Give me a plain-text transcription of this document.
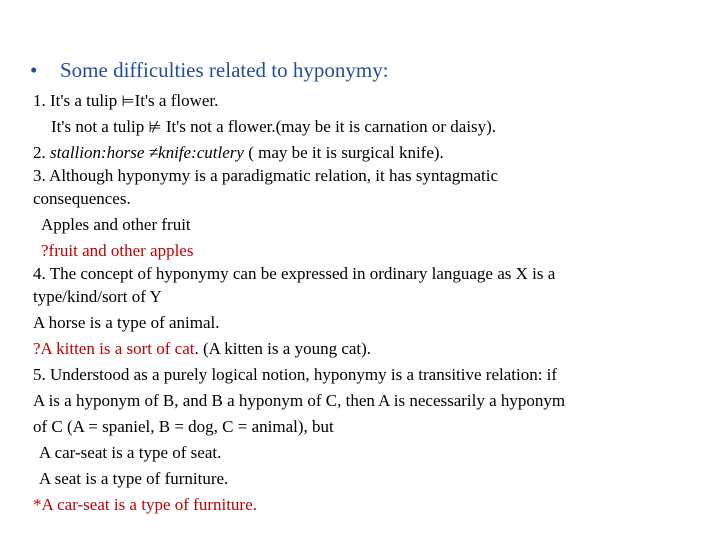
• Some difficulties related to hyponymy:
1. It's a tulip ⊨It's a flower.
It's not a tulip ⊭ It's not a flower.(may be it is carnation or daisy).
2. stallion:horse ≠knife:cutlery ( may be it is surgical knife).
3. Although hyponymy is a paradigmatic relation, it has syntagmatic
consequences.
Apples and other fruit
?fruit and other apples
4. The concept of hyponymy can be expressed in ordinary language as X is a
type/kind/sort of Y
A horse is a type of animal.
?A kitten is a sort of cat. (A kitten is a young cat).
5. Understood as a purely logical notion, hyponymy is a transitive relation: if
A is a hyponym of B, and B a hyponym of C, then A is necessarily a hyponym
of C (A = spaniel, B = dog, C = animal), but
A car-seat is a type of seat.
A seat is a type of furniture.
*A car-seat is a type of furniture.
